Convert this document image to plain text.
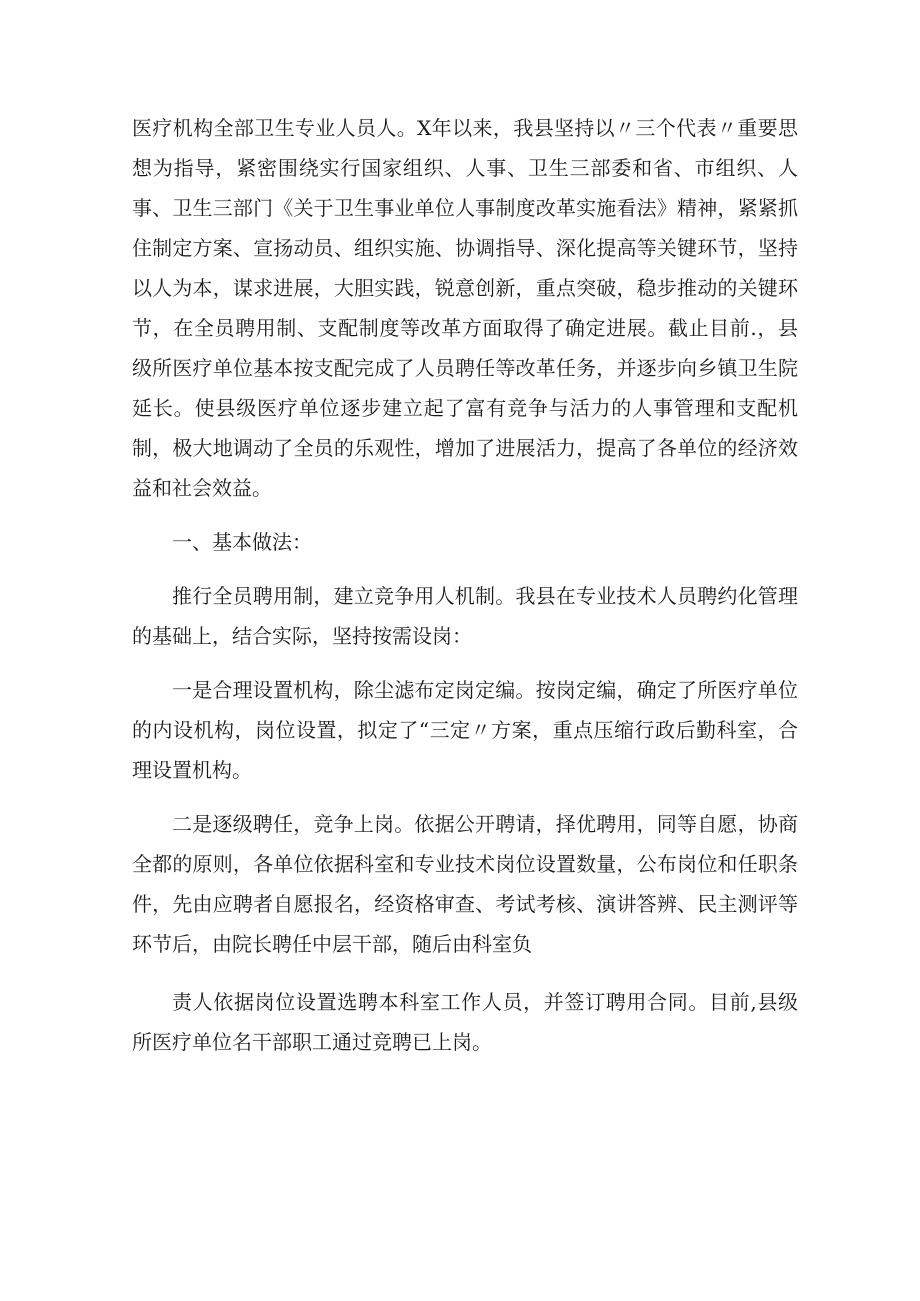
医疗机构全部卫生专业人员人。X年以来，我县坚持以〃三个代表〃重要思想为指导，紧密围绕实行国家组织、人事、卫生三部委和省、市组织、人事、卫生三部门《关于卫生事业单位人事制度改革实施看法》精神，紧紧抓住制定方案、宣扬动员、组织实施、协调指导、深化提高等关键环节，坚持以人为本，谋求进展，大胆实践，锐意创新，重点突破，稳步推动的关键环节，在全员聘用制、支配制度等改革方面取得了确定进展。截止目前.，县级所医疗单位基本按支配完成了人员聘任等改革任务，并逐步向乡镇卫生院延长。使县级医疗单位逐步建立起了富有竞争与活力的人事管理和支配机制，极大地调动了全员的乐观性，增加了进展活力，提高了各单位的经济效益和社会效益。

一、基本做法：

推行全员聘用制，建立竞争用人机制。我县在专业技术人员聘约化管理的基础上，结合实际，坚持按需设岗：

一是合理设置机构，除尘滤布定岗定编。按岗定编，确定了所医疗单位的内设机构，岗位设置，拟定了“三定〃方案，重点压缩行政后勤科室，合理设置机构。

二是逐级聘任，竞争上岗。依据公开聘请，择优聘用，同等自愿，协商全都的原则，各单位依据科室和专业技术岗位设置数量，公布岗位和任职条件，先由应聘者自愿报名，经资格审查、考试考核、演讲答辨、民主测评等环节后，由院长聘任中层干部，随后由科室负

责人依据岗位设置选聘本科室工作人员，并签订聘用合同。目前,县级所医疗单位名干部职工通过竞聘已上岗。
